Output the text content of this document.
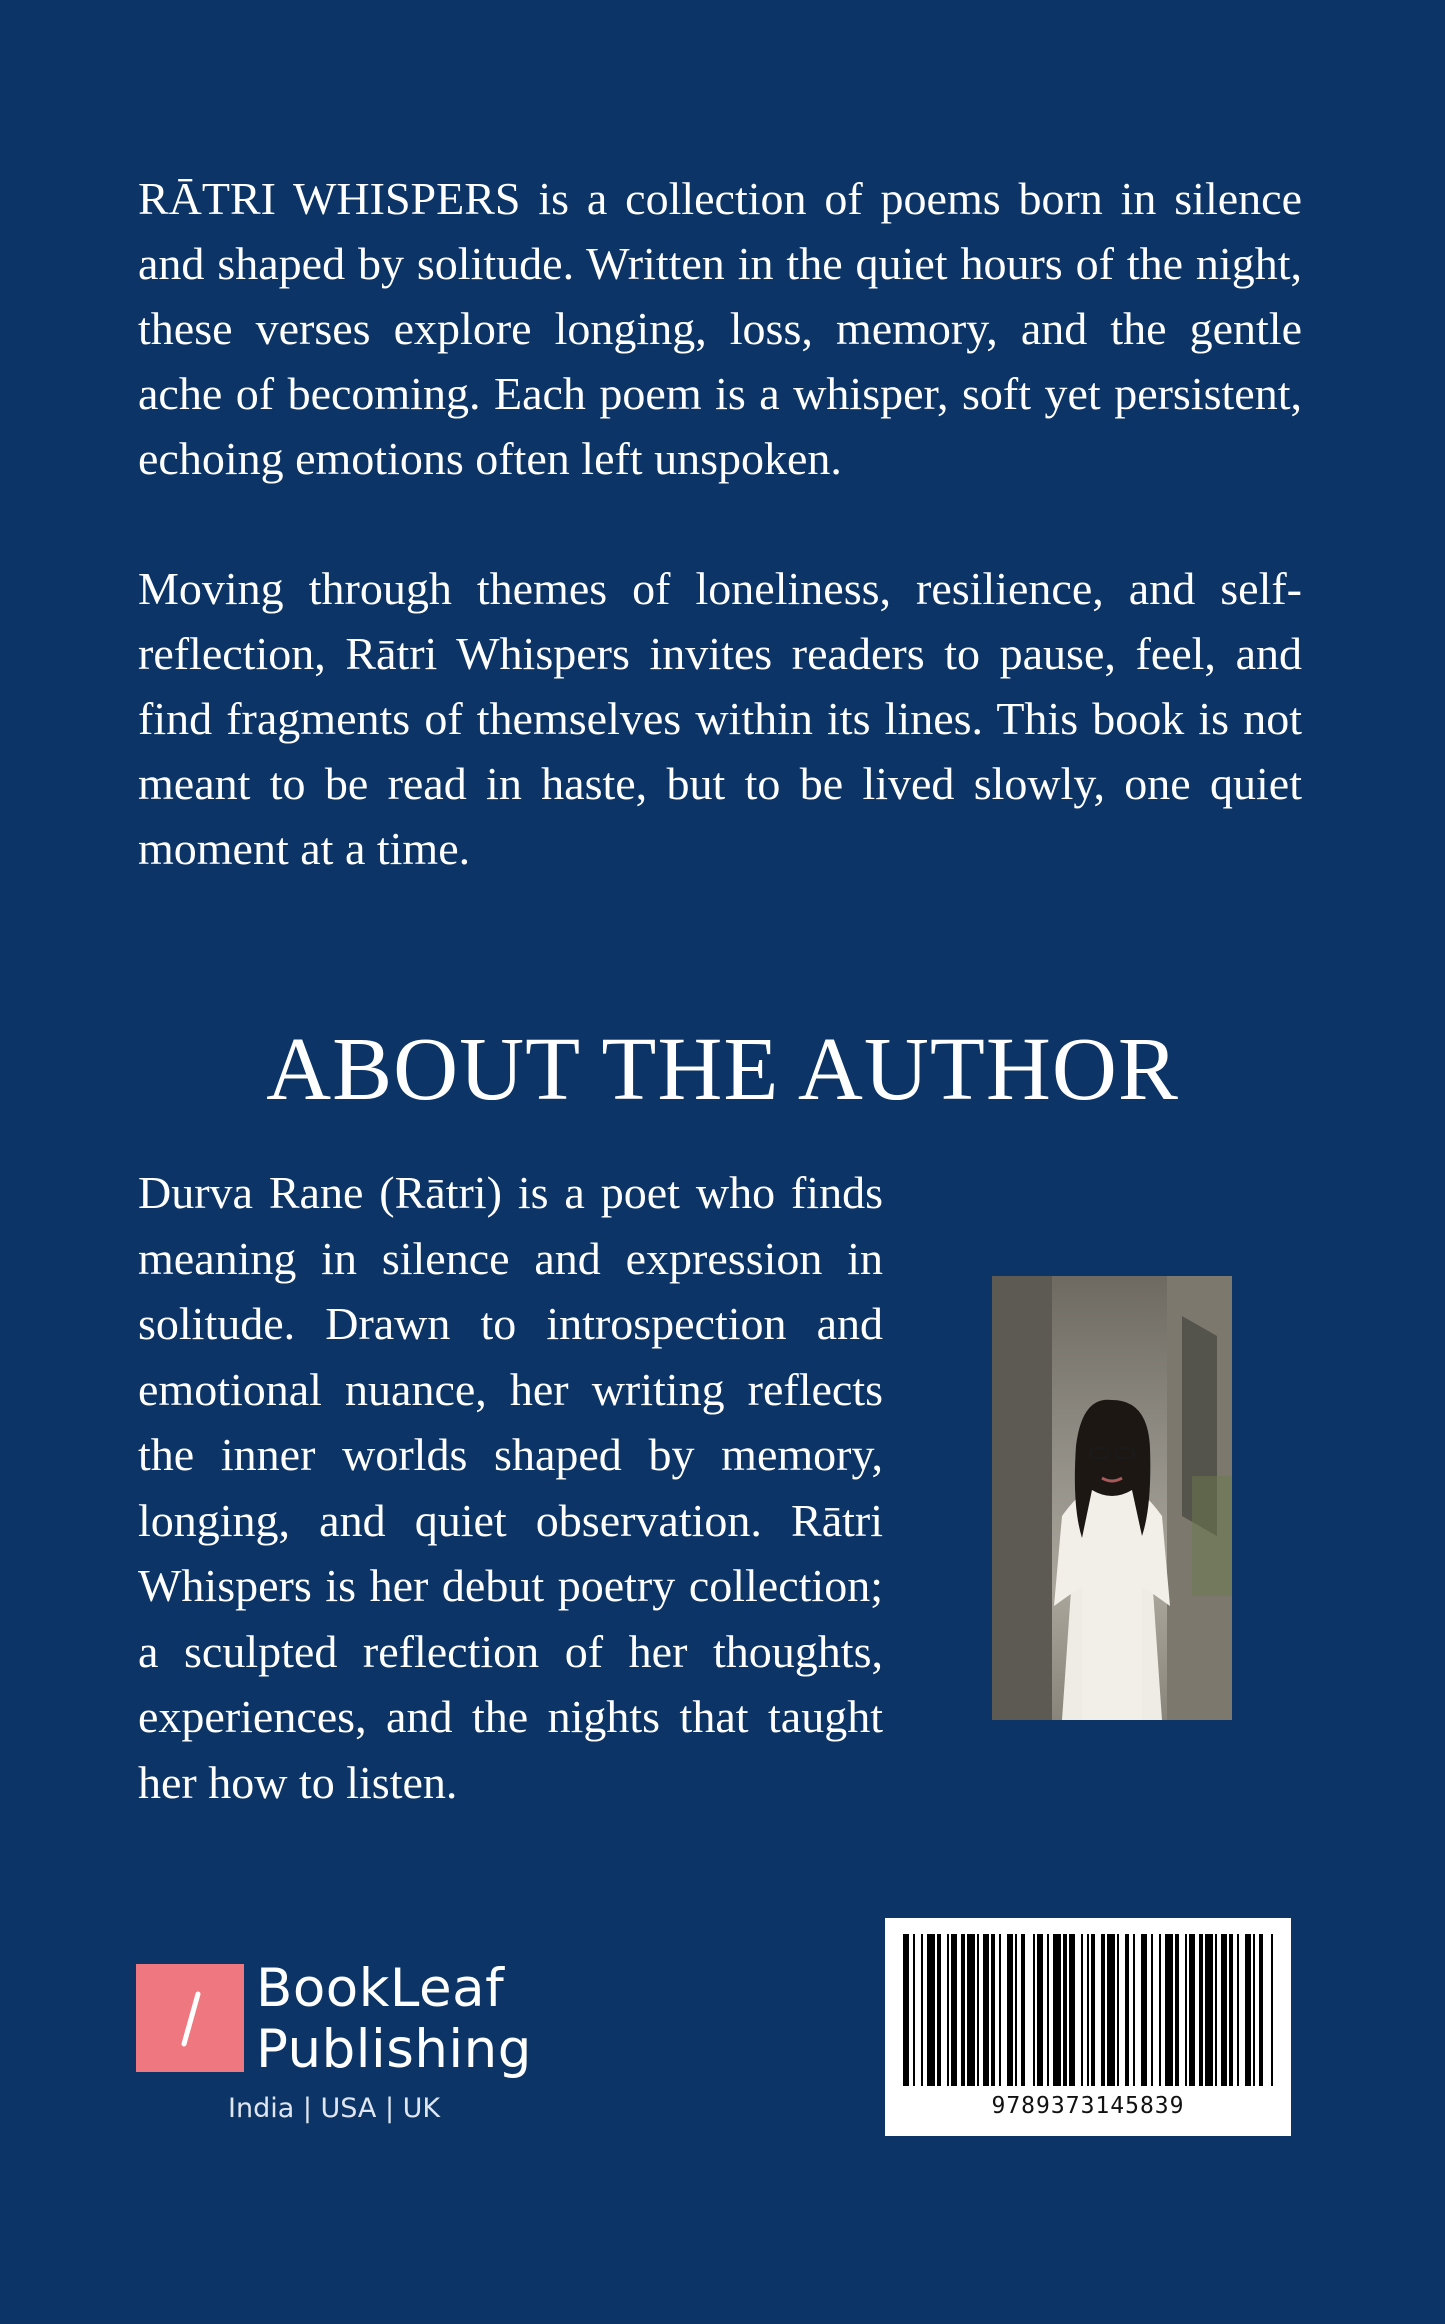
RĀTRI WHISPERS is a collection of poems born in silence and shaped by solitude. Written in the quiet hours of the night, these verses explore longing, loss, memory, and the gentle ache of becoming. Each poem is a whisper, soft yet persistent, echoing emotions often left unspoken.

Moving through themes of loneliness, resilience, and self-reflection, Rātri Whispers invites readers to pause, feel, and find fragments of themselves within its lines. This book is not meant to be read in haste, but to be lived slowly, one quiet moment at a time.

ABOUT THE AUTHOR

Durva Rane (Rātri) is a poet who finds meaning in silence and expression in solitude. Drawn to introspection and emotional nuance, her writing reflects the inner worlds shaped by memory, longing, and quiet observation. Rātri Whispers is her debut poetry collection; a sculpted reflection of her thoughts, experiences, and the nights that taught her how to listen.

BookLeaf
Publishing
India | USA | UK	9789373145839
